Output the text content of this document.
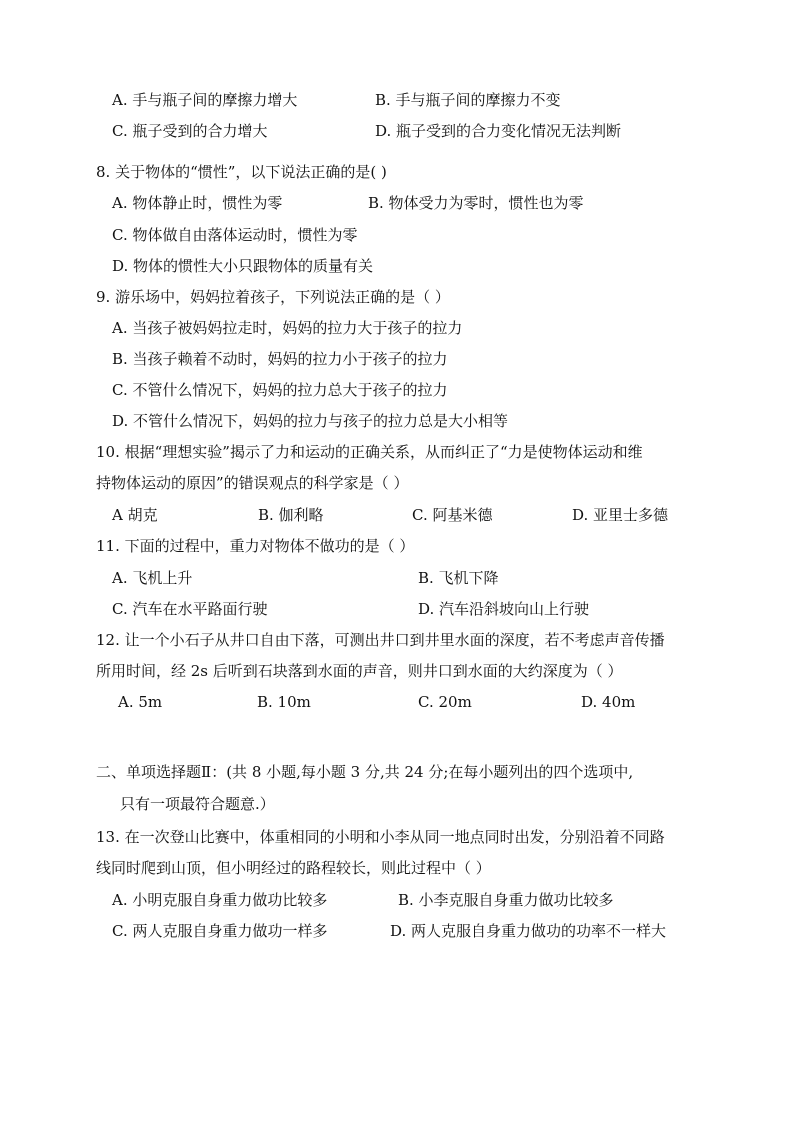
A. 手与瓶子间的摩擦力增大	B. 手与瓶子间的摩擦力不变
C. 瓶子受到的合力增大	D. 瓶子受到的合力变化情况无法判断
8. 关于物体的“惯性”，以下说法正确的是( )
A. 物体静止时，惯性为零	B. 物体受力为零时，惯性也为零
C. 物体做自由落体运动时，惯性为零
D. 物体的惯性大小只跟物体的质量有关
9. 游乐场中，妈妈拉着孩子，下列说法正确的是（ ）
A. 当孩子被妈妈拉走时，妈妈的拉力大于孩子的拉力
B. 当孩子赖着不动时，妈妈的拉力小于孩子的拉力
C. 不管什么情况下，妈妈的拉力总大于孩子的拉力
D. 不管什么情况下，妈妈的拉力与孩子的拉力总是大小相等
10. 根据“理想实验”揭示了力和运动的正确关系，从而纠正了“力是使物体运动和维
持物体运动的原因”的错误观点的科学家是（ ）
A 胡克	B. 伽利略	C. 阿基米德	D. 亚里士多德
11. 下面的过程中，重力对物体不做功的是（ ）
A. 飞机上升	B. 飞机下降
C. 汽车在水平路面行驶	D. 汽车沿斜坡向山上行驶
12. 让一个小石子从井口自由下落，可测出井口到井里水面的深度，若不考虑声音传播
所用时间，经 2s 后听到石块落到水面的声音，则井口到水面的大约深度为（ ）
A. 5m	B. 10m	C. 20m	D. 40m
二、单项选择题Ⅱ：(共 8 小题,每小题 3 分,共 24 分;在每小题列出的四个选项中,
只有一项最符合题意.）
13. 在一次登山比赛中，体重相同的小明和小李从同一地点同时出发，分别沿着不同路
线同时爬到山顶，但小明经过的路程较长，则此过程中（ ）
A. 小明克服自身重力做功比较多	B. 小李克服自身重力做功比较多
C. 两人克服自身重力做功一样多	D. 两人克服自身重力做功的功率不一样大
